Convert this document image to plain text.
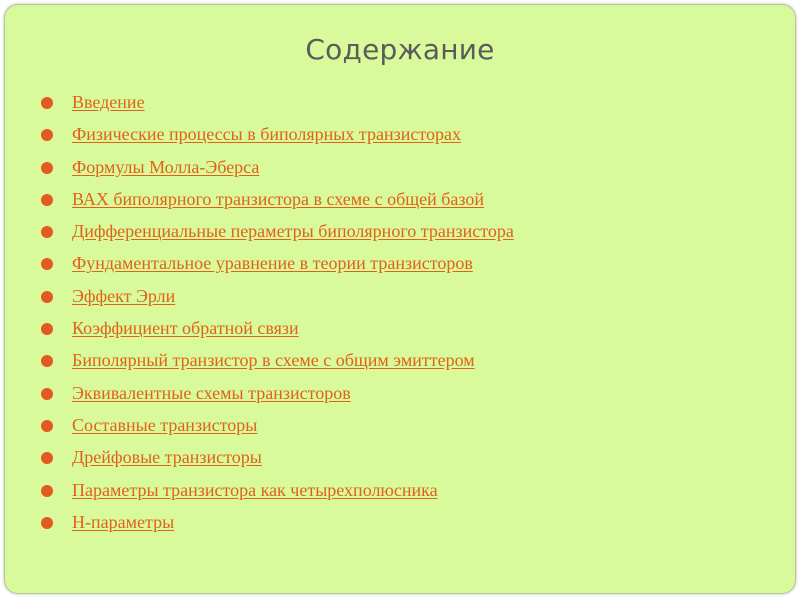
Содержание
Введение
Физические процессы в биполярных транзисторах
Формулы Молла-Эберса
ВАХ биполярного транзистора в схеме с общей базой
Дифференциальные пераметры биполярного транзистора
Фундаментальное уравнение в теории транзисторов
Эффект Эрли
Коэффициент обратной связи
Биполярный транзистор в схеме с общим эмиттером
Эквивалентные схемы транзисторов
Составные транзисторы
Дрейфовые транзисторы
Параметры транзистора как четырехполюсника
H-параметры
